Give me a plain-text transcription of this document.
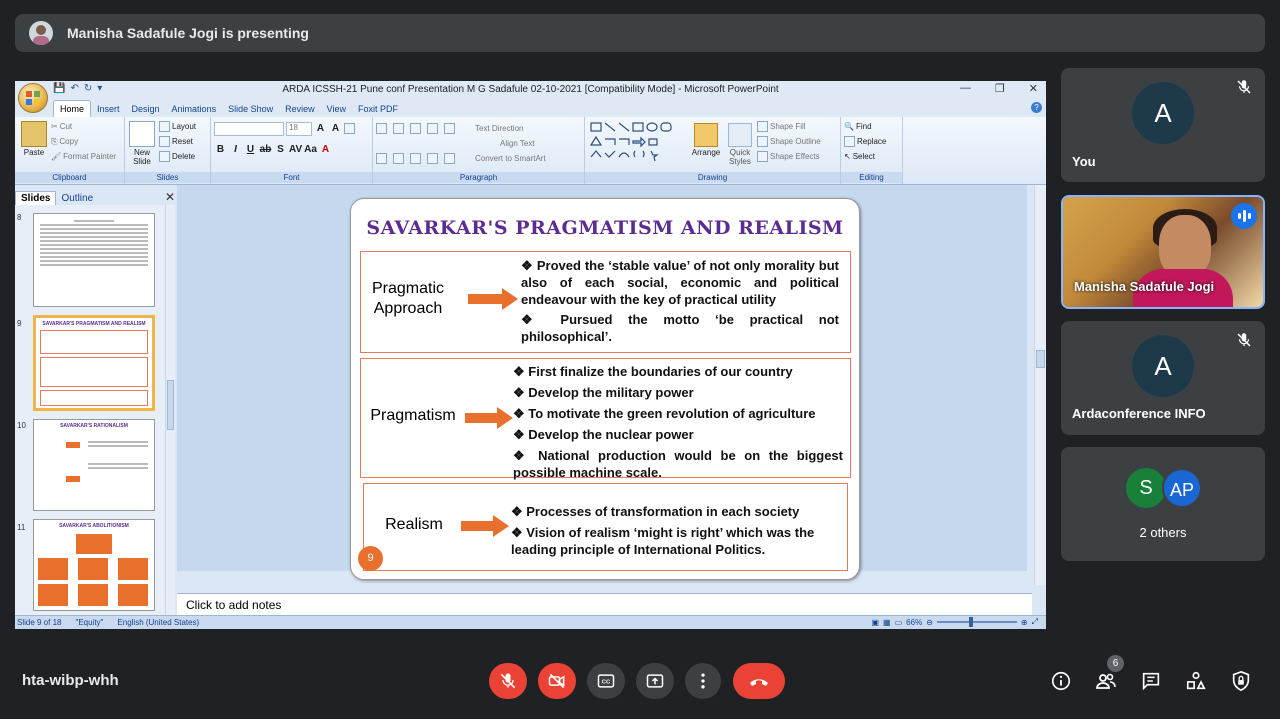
Manisha Sadafule Jogi is presenting
💾 ↶ ↻ ▾	ARDA ICSSH-21 Pune conf Presentation M G Sadafule 02-10-2021 [Compatibility Mode] - Microsoft PowerPoint	— ❐ ✕
Home	Insert	Design	Animations	Slide Show	Review	View	Foxit PDF	?
Paste
✂ Cut
⎘ Copy
🖌 Format Painter
Clipboard
New Slide
Layout
Reset
Delete
Slides
18	A A
B	I U ab S AV Aa A
Font
Text Direction
Align Text
Convert to SmartArt
Paragraph
Arrange	Quick Styles
Shape Fill
Shape Outline
Shape Effects
Drawing
🔍 Find
Replace
↖ Select
Editing
Slides	Outline	✕
8
9	SAVARKAR'S PRAGMATISM AND REALISM
10	SAVARKAR'S RATIONALISM
11	SAVARKAR'S ABOLITIONISM
SAVARKAR'S PRAGMATISM AND REALISM
Pragmatic Approach
❖ Proved the ‘stable value’ of not only morality but also of each social, economic and political endeavour with the key of practical utility
❖ Pursued the motto ‘be practical not philosophical’.
Pragmatism
❖ First finalize the boundaries of our country
❖ Develop the military power
❖ To motivate the green revolution of agriculture
❖ Develop the nuclear power
❖ National production would be on the biggest possible machine scale.
Realism
❖ Processes of transformation in each society
❖ Vision of realism ‘might is right’ which was the leading principle of International Politics.
9
Click to add notes
Slide 9 of 18 "Equity" English (United States)	▣ ▦ ▭ 66% ⊖	⊕ ⤢
A
You
Manisha Sadafule Jogi
A
Ardaconference INFO
S AP
2 others
hta-wibp-whh	CC
6
